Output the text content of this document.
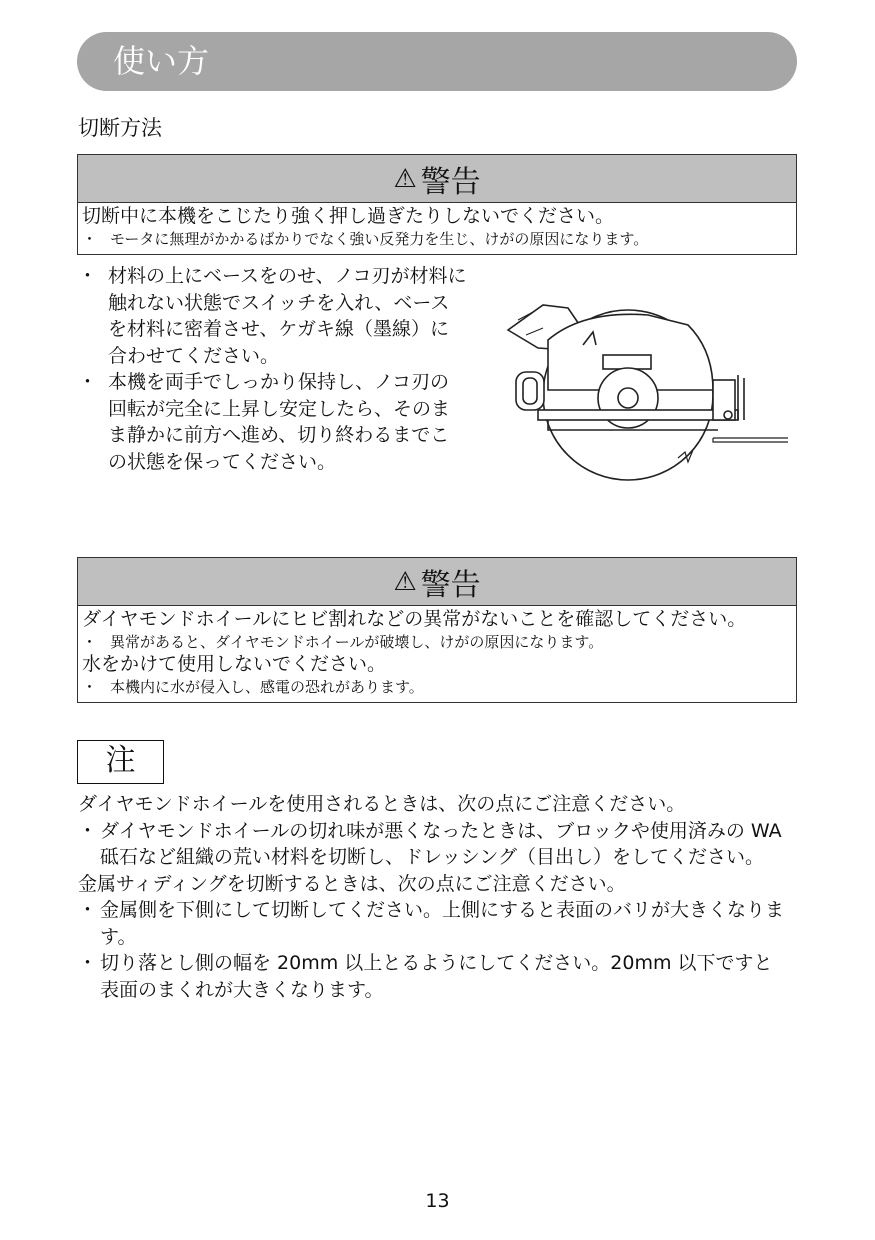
使い方
切断方法
⚠ 警告
切断中に本機をこじたり強く押し過ぎたりしないでください。
・ モータに無理がかかるばかりでなく強い反発力を生じ、けがの原因になります。
・ 材料の上にベースをのせ、ノコ刃が材料に触れない状態でスイッチを入れ、ベースを材料に密着させ、ケガキ線（墨線）に合わせてください。
・ 本機を両手でしっかり保持し、ノコ刃の回転が完全に上昇し安定したら、そのまま静かに前方へ進め、切り終わるまでこの状態を保ってください。
⚠ 警告
ダイヤモンドホイールにヒビ割れなどの異常がないことを確認してください。
・ 異常があると、ダイヤモンドホイールが破壊し、けがの原因になります。
水をかけて使用しないでください。
・ 本機内に水が侵入し、感電の恐れがあります。
注
ダイヤモンドホイールを使用されるときは、次の点にご注意ください。
・ ダイヤモンドホイールの切れ味が悪くなったときは、ブロックや使用済みの WA 砥石など組織の荒い材料を切断し、ドレッシング（目出し）をしてください。
金属サィディングを切断するときは、次の点にご注意ください。
・ 金属側を下側にして切断してください。上側にすると表面のバリが大きくなります。
・ 切り落とし側の幅を 20mm 以上とるようにしてください。20mm 以下ですと表面のまくれが大きくなります。
13
